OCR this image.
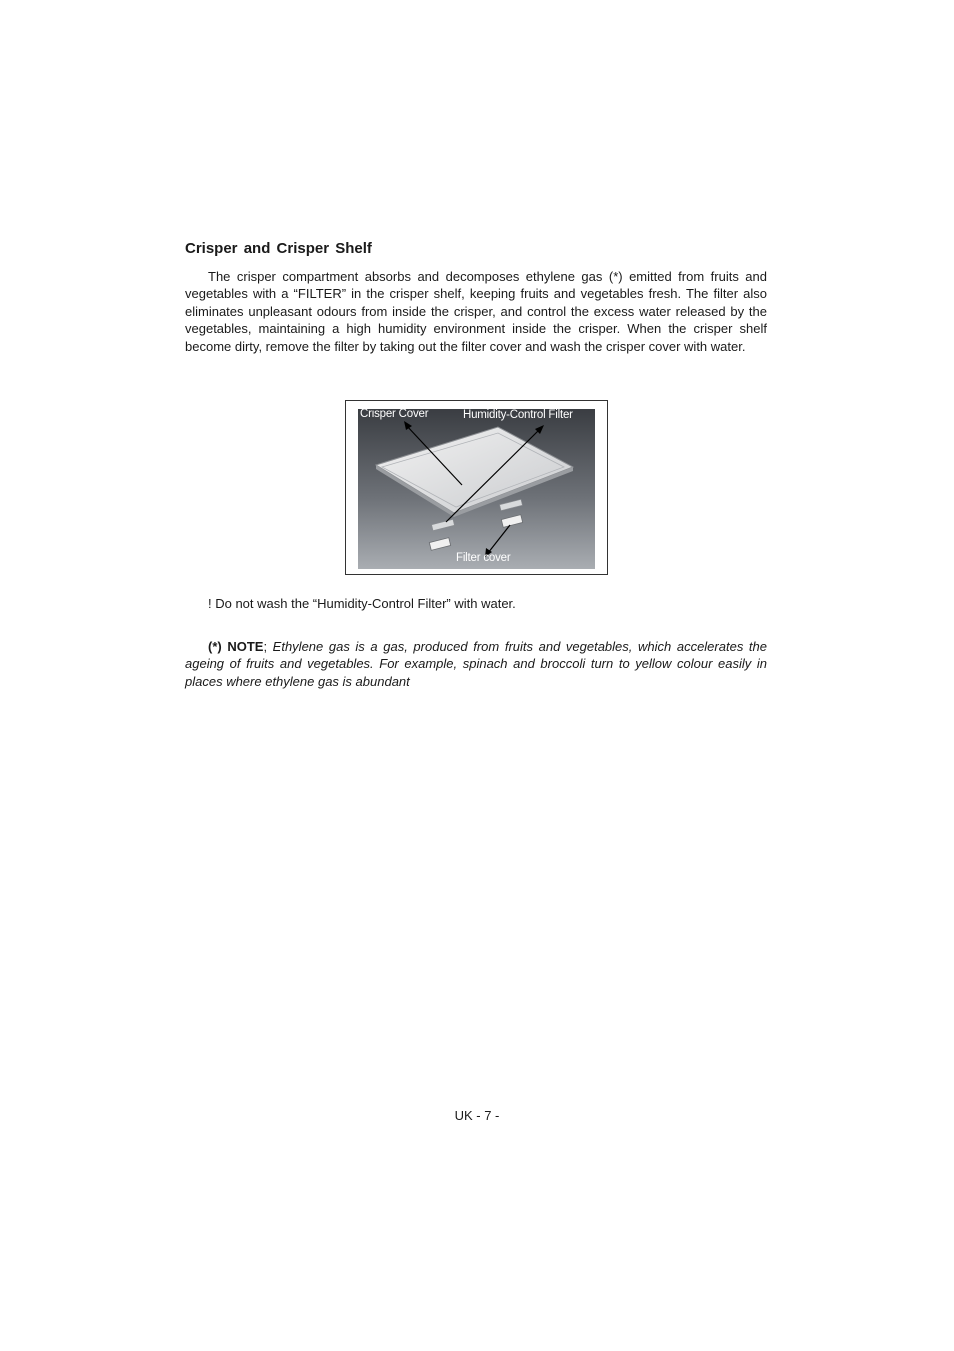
Crisper and Crisper Shelf

The crisper compartment absorbs and decomposes ethylene gas (*) emitted from fruits and vegetables with a “FILTER” in the crisper shelf, keeping fruits and vegetables fresh. The filter also eliminates unpleasant odours from inside the crisper, and control the excess water released by the vegetables, maintaining a high humidity environment inside the crisper. When the crisper shelf become dirty, remove the filter by taking out the filter cover and wash the crisper cover with water.

Crisper Cover	Humidity-Control Filter
Filter cover

! Do not wash the “Humidity-Control Filter” with water.

(*) NOTE; Ethylene gas is a gas, produced from fruits and vegetables, which accelerates the ageing of fruits and vegetables. For example, spinach and broccoli turn to yellow colour easily in places where ethylene gas is abundant

UK - 7 -
